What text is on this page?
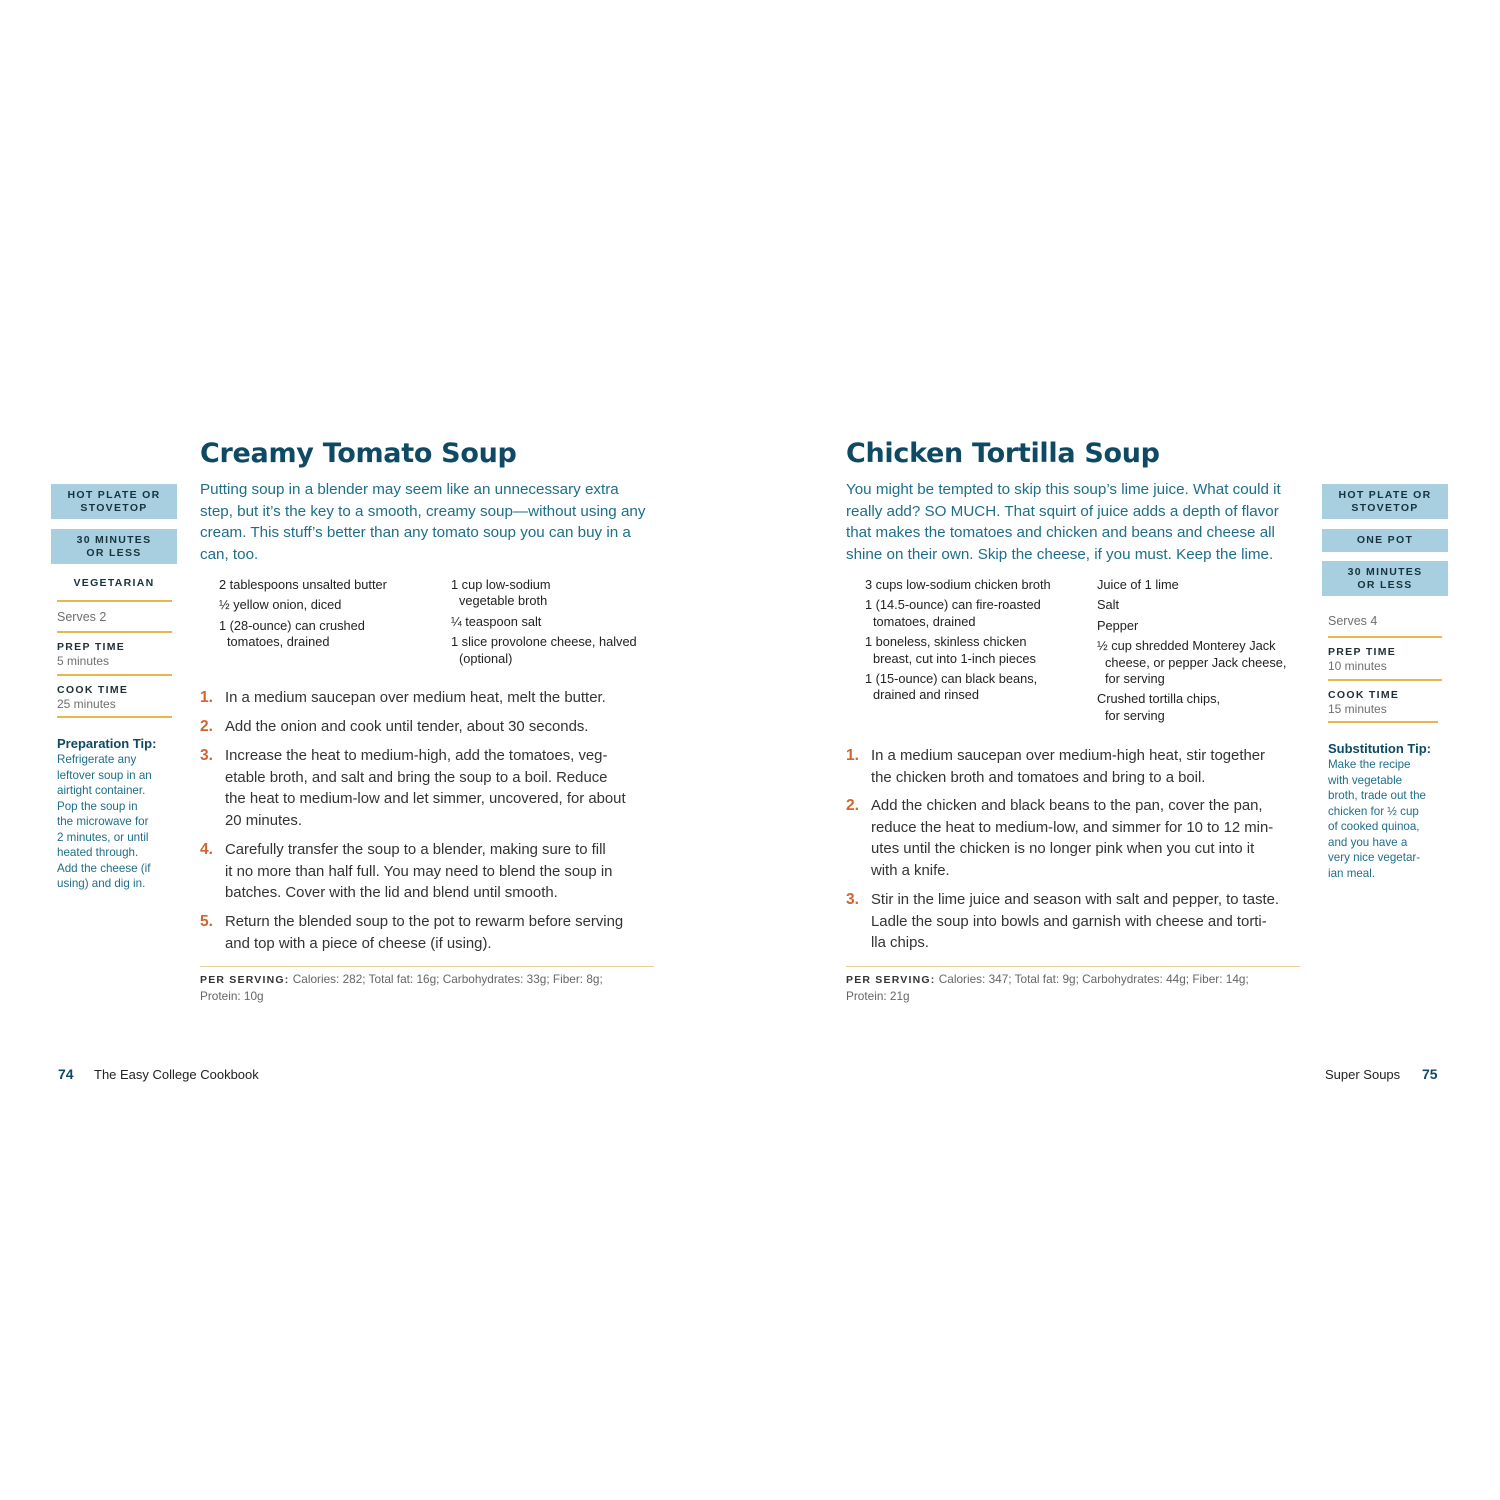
Creamy Tomato Soup
Putting soup in a blender may seem like an unnecessary extra
step, but it’s the key to a smooth, creamy soup—without using any
cream. This stuff’s better than any tomato soup you can buy in a
can, too.
HOT PLATE OR
STOVETOP
30 MINUTES
OR LESS
VEGETARIAN
Serves 2
PREP TIME
5 minutes
COOK TIME
25 minutes
Preparation Tip:
Refrigerate any
leftover soup in an
airtight container.
Pop the soup in
the microwave for
2 minutes, or until
heated through.
Add the cheese (if
using) and dig in.
2 tablespoons unsalted butter
½ yellow onion, diced
1 (28-ounce) can crushed
tomatoes, drained
1 cup low-sodium
vegetable broth
¼ teaspoon salt
1 slice provolone cheese, halved
(optional)
1. In a medium saucepan over medium heat, melt the butter.
2. Add the onion and cook until tender, about 30 seconds.
3. Increase the heat to medium-high, add the tomatoes, veg-
etable broth, and salt and bring the soup to a boil. Reduce
the heat to medium-low and let simmer, uncovered, for about
20 minutes.
4. Carefully transfer the soup to a blender, making sure to fill
it no more than half full. You may need to blend the soup in
batches. Cover with the lid and blend until smooth.
5. Return the blended soup to the pot to rewarm before serving
and top with a piece of cheese (if using).
PER SERVING: Calories: 282; Total fat: 16g; Carbohydrates: 33g; Fiber: 8g;
Protein: 10g
74 The Easy College Cookbook
Chicken Tortilla Soup
You might be tempted to skip this soup’s lime juice. What could it
really add? SO MUCH. That squirt of juice adds a depth of flavor
that makes the tomatoes and chicken and beans and cheese all
shine on their own. Skip the cheese, if you must. Keep the lime.
HOT PLATE OR
STOVETOP
ONE POT
30 MINUTES
OR LESS
Serves 4
PREP TIME
10 minutes
COOK TIME
15 minutes
Substitution Tip:
Make the recipe
with vegetable
broth, trade out the
chicken for ½ cup
of cooked quinoa,
and you have a
very nice vegetar-
ian meal.
3 cups low-sodium chicken broth
1 (14.5-ounce) can fire-roasted
tomatoes, drained
1 boneless, skinless chicken
breast, cut into 1-inch pieces
1 (15-ounce) can black beans,
drained and rinsed
Juice of 1 lime
Salt
Pepper
½ cup shredded Monterey Jack
cheese, or pepper Jack cheese,
for serving
Crushed tortilla chips,
for serving
1. In a medium saucepan over medium-high heat, stir together
the chicken broth and tomatoes and bring to a boil.
2. Add the chicken and black beans to the pan, cover the pan,
reduce the heat to medium-low, and simmer for 10 to 12 min-
utes until the chicken is no longer pink when you cut into it
with a knife.
3. Stir in the lime juice and season with salt and pepper, to taste.
Ladle the soup into bowls and garnish with cheese and torti-
lla chips.
PER SERVING: Calories: 347; Total fat: 9g; Carbohydrates: 44g; Fiber: 14g;
Protein: 21g
Super Soups 75
